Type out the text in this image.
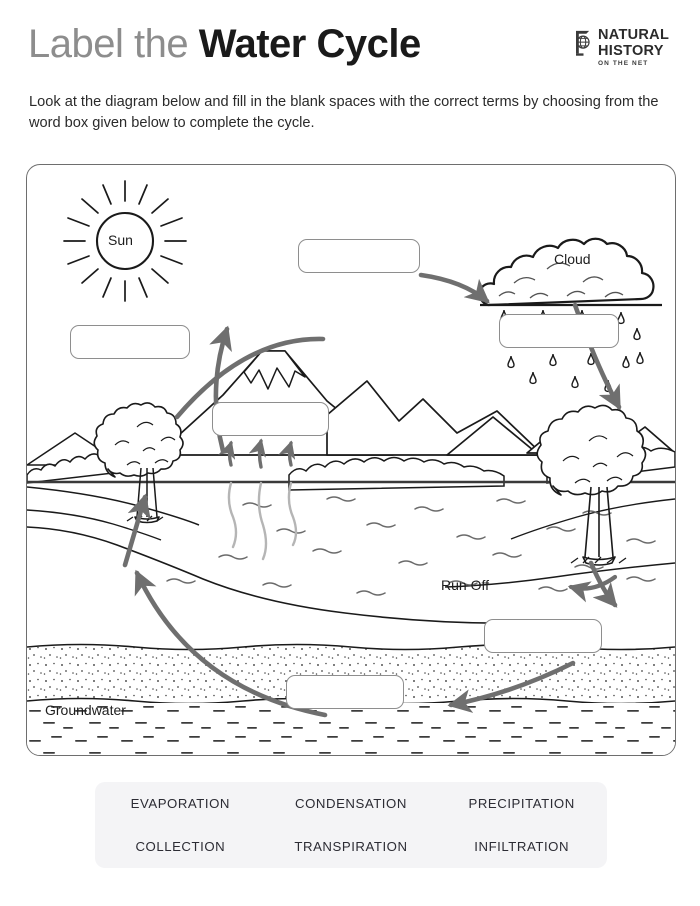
Label the Water Cycle	NATURAL
HISTORY
ON THE NET
Look at the diagram below and fill in the blank spaces with the correct terms by choosing from the word box given below to complete the cycle.
Sun
Cloud
Run Off
Groundwater
EVAPORATION	CONDENSATION	PRECIPITATION
COLLECTION	TRANSPIRATION	INFILTRATION
